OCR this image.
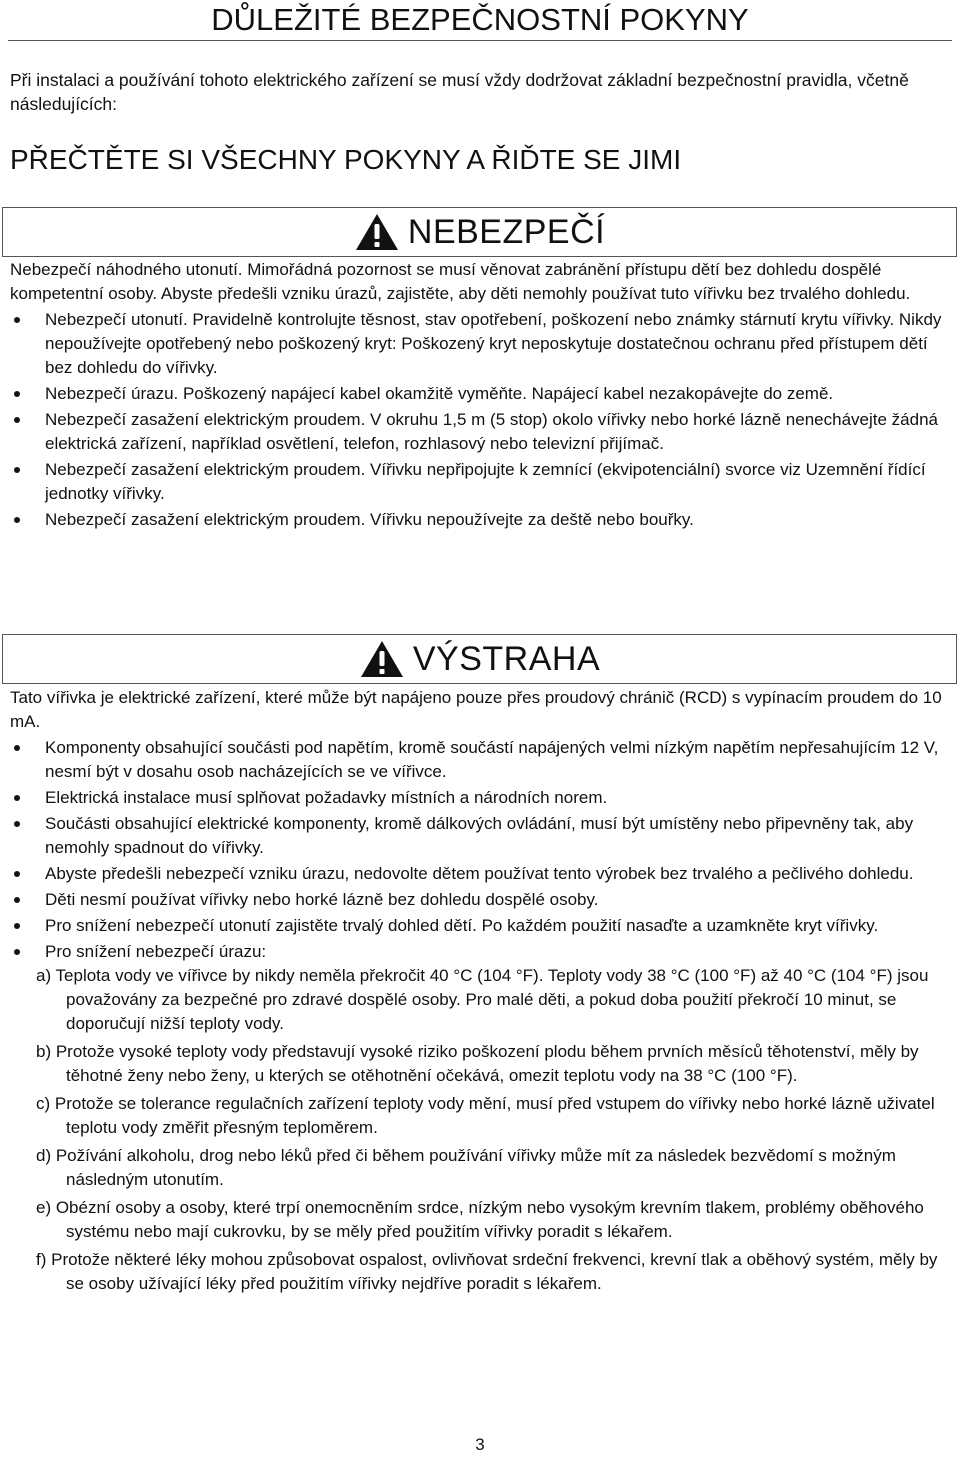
DŮLEŽITÉ BEZPEČNOSTNÍ POKYNY

Při instalaci a používání tohoto elektrického zařízení se musí vždy dodržovat základní bezpečnostní pravidla, včetně následujících:

PŘEČTĚTE SI VŠECHNY POKYNY A ŘIĎTE SE JIMI
NEBEZPEČÍ

Nebezpečí náhodného utonutí. Mimořádná pozornost se musí věnovat zabránění přístupu dětí bez dohledu dospělé kompetentní osoby. Abyste předešli vzniku úrazů, zajistěte, aby děti nemohly používat tuto vířivku bez trvalého dohledu.

Nebezpečí utonutí. Pravidelně kontrolujte těsnost, stav opotřebení, poškození nebo známky stárnutí krytu vířivky. Nikdy nepoužívejte opotřebený nebo poškozený kryt: Poškozený kryt neposkytuje dostatečnou ochranu před přístupem dětí bez dohledu do vířivky.
Nebezpečí úrazu. Poškozený napájecí kabel okamžitě vyměňte. Napájecí kabel nezakopávejte do země.
Nebezpečí zasažení elektrickým proudem. V okruhu 1,5 m (5 stop) okolo vířivky nebo horké lázně nenechávejte žádná elektrická zařízení, například osvětlení, telefon, rozhlasový nebo televizní přijímač.
Nebezpečí zasažení elektrickým proudem. Vířivku nepřipojujte k zemnící (ekvipotenciální) svorce viz Uzemnění řídící jednotky vířivky.
Nebezpečí zasažení elektrickým proudem. Vířivku nepoužívejte za deště nebo bouřky.
VÝSTRAHA

Tato vířivka je elektrické zařízení, které může být napájeno pouze přes proudový chránič (RCD) s vypínacím proudem do 10 mA.

Komponenty obsahující součásti pod napětím, kromě součástí napájených velmi nízkým napětím nepřesahujícím 12 V, nesmí být v dosahu osob nacházejících se ve vířivce.
Elektrická instalace musí splňovat požadavky místních a národních norem.
Součásti obsahující elektrické komponenty, kromě dálkových ovládání, musí být umístěny nebo připevněny tak, aby nemohly spadnout do vířivky.
Abyste předešli nebezpečí vzniku úrazu, nedovolte dětem používat tento výrobek bez trvalého a pečlivého dohledu.
Děti nesmí používat vířivky nebo horké lázně bez dohledu dospělé osoby.
Pro snížení nebezpečí utonutí zajistěte trvalý dohled dětí. Po každém použití nasaďte a uzamkněte kryt vířivky.
Pro snížení nebezpečí úrazu:
a) Teplota vody ve vířivce by nikdy neměla překročit 40 °C (104 °F). Teploty vody 38 °C (100 °F) až 40 °C (104 °F) jsou považovány za bezpečné pro zdravé dospělé osoby. Pro malé děti, a pokud doba použití překročí 10 minut, se doporučují nižší teploty vody.
b) Protože vysoké teploty vody představují vysoké riziko poškození plodu během prvních měsíců těhotenství, měly by těhotné ženy nebo ženy, u kterých se otěhotnění očekává, omezit teplotu vody na 38 °C (100 °F).
c) Protože se tolerance regulačních zařízení teploty vody mění, musí před vstupem do vířivky nebo horké lázně uživatel teplotu vody změřit přesným teploměrem.
d) Požívání alkoholu, drog nebo léků před či během používání vířivky může mít za následek bezvědomí s možným následným utonutím.
e) Obézní osoby a osoby, které trpí onemocněním srdce, nízkým nebo vysokým krevním tlakem, problémy oběhového systému nebo mají cukrovku, by se měly před použitím vířivky poradit s lékařem.
f) Protože některé léky mohou způsobovat ospalost, ovlivňovat srdeční frekvenci, krevní tlak a oběhový systém, měly by se osoby užívající léky před použitím vířivky nejdříve poradit s lékařem.
3
